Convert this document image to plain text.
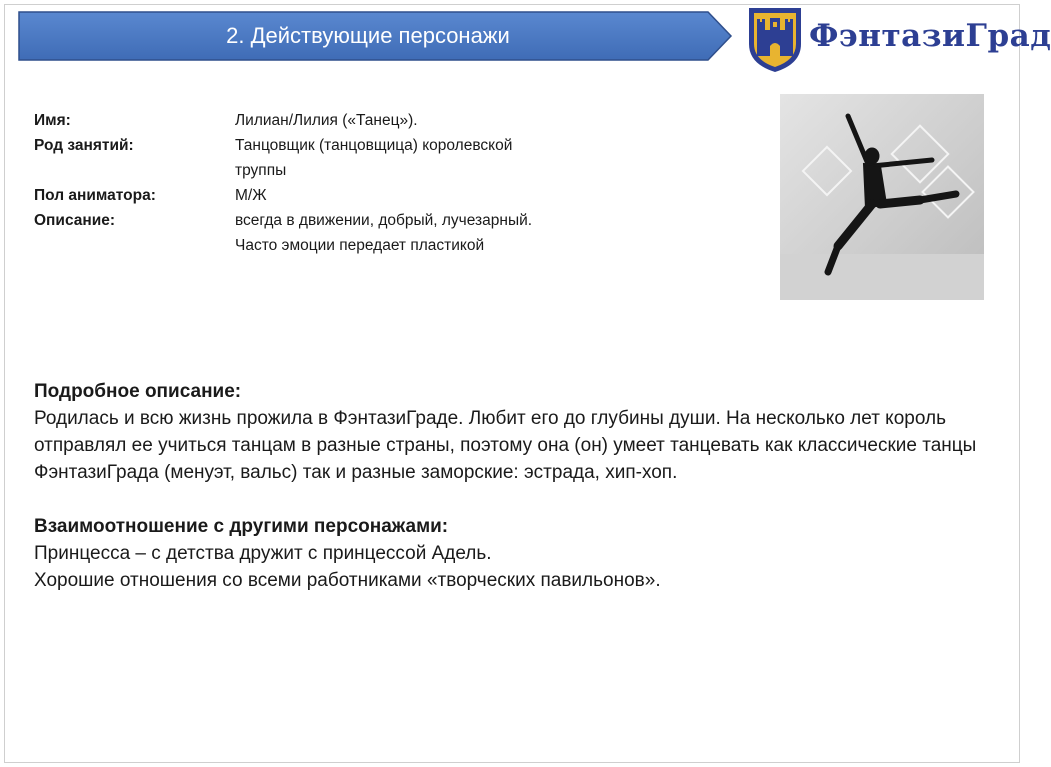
2. Действующие персонажи	ФэнтазиГрад
Имя:	Лилиан/Лилия («Танец»).
Род занятий:	Танцовщик (танцовщица) королевской труппы
Пол аниматора:	М/Ж
Описание:	всегда в движении, добрый, лучезарный. Часто эмоции передает пластикой

Подробное описание:

Родилась и всю жизнь прожила в ФэнтазиГраде. Любит его до глубины души. На несколько лет король отправлял ее учиться танцам в разные страны, поэтому она (он) умеет танцевать как классические танцы ФэнтазиГрада (менуэт, вальс) так и разные заморские: эстрада, хип-хоп.

Взаимоотношение с другими персонажами:

Принцесса – с детства дружит с принцессой Адель.

Хорошие отношения со всеми работниками «творческих павильонов».
